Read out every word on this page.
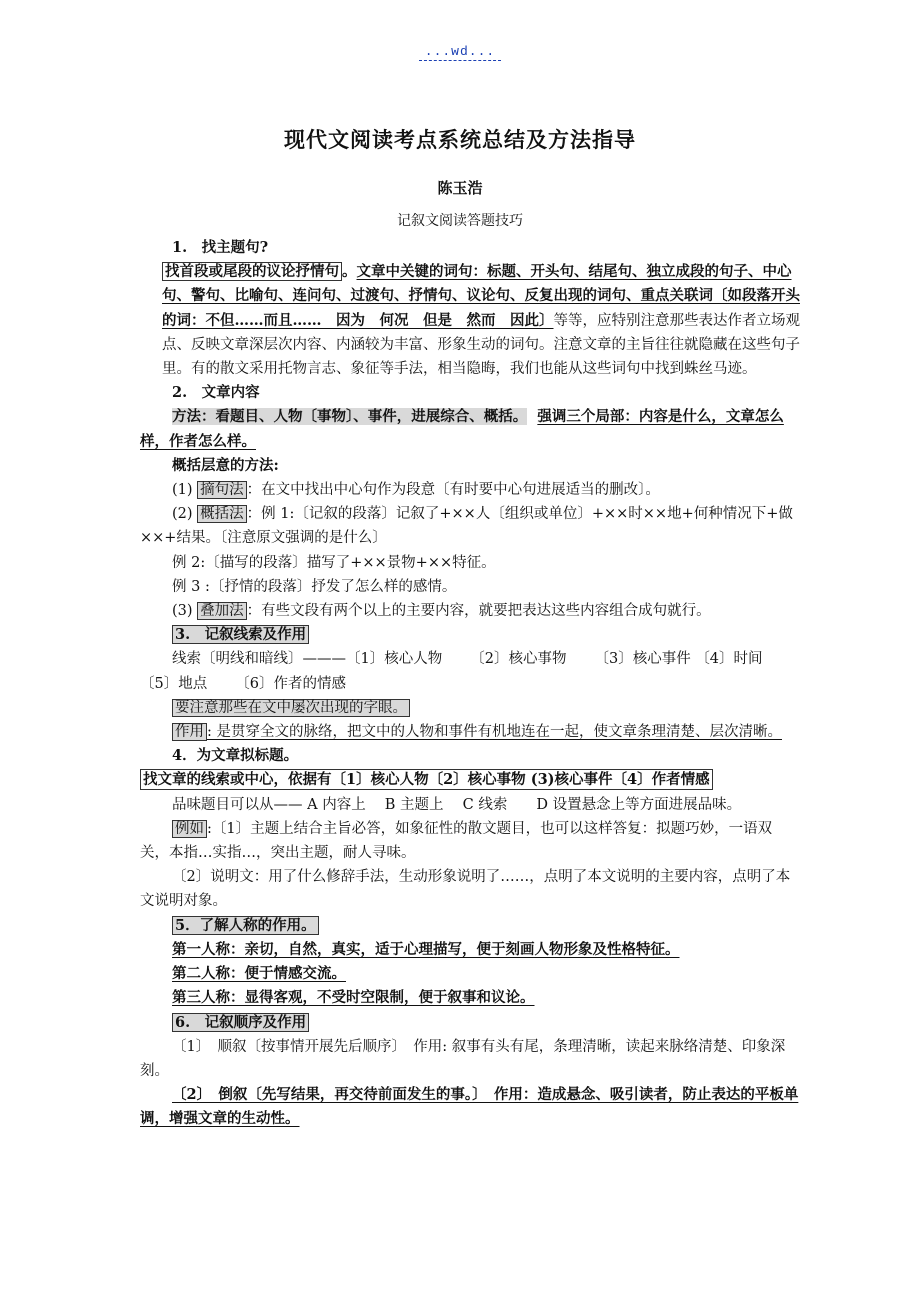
...wd...
现代文阅读考点系统总结及方法指导
陈玉浩
记叙文阅读答题技巧

1.　找主题句?

找首段或尾段的议论抒情句 。文章中关键的词句：标题、开头句、结尾句、独立成段的句子、中心句、警句、比喻句、连问句、过渡句、抒情句、议论句、反复出现的词句、重点关联词〔如段落开头的词：不但……而且……　因为　何况　但是　然而　因此〕等等，应特别注意那些表达作者立场观点、反映文章深层次内容、内涵较为丰富、形象生动的词句。注意文章的主旨往往就隐藏在这些句子里。有的散文采用托物言志、象征等手法，相当隐晦，我们也能从这些词句中找到蛛丝马迹。

2.　文章内容

方法：看题目、人物〔事物〕、事件，进展综合、概括。 强调三个局部：内容是什么，文章怎么样，作者怎么样。

概括层意的方法:

(1) 摘句法 ：在文中找出中心句作为段意〔有时要中心句进展适当的删改〕。

(2) 概括法 ：例 1:〔记叙的段落〕记叙了+××人〔组织或单位〕+××时××地+何种情况下+做××+结果。〔注意原文强调的是什么〕

例 2:〔描写的段落〕描写了+××景物+××特征。

例 3 :〔抒情的段落〕抒发了怎么样的感情。

(3) 叠加法 ：有些文段有两个以上的主要内容，就要把表达这些内容组合成句就行。

3.　记叙线索及作用

线索〔明线和暗线〕———〔1〕核心人物 〔2〕核心事物 〔3〕核心事件 〔4〕时间〔5〕地点 〔6〕作者的情感

要注意那些在文中屡次出现的字眼。

作用 : 是贯穿全文的脉络，把文中的人物和事件有机地连在一起，使文章条理清楚、层次清晰。

4．为文章拟标题。

找文章的线索或中心，依据有〔1〕核心人物〔2〕核心事物 (3)核心事件〔4〕作者情感

品味题目可以从—— A 内容上　 B 主题上　 C 线索　　D 设置悬念上等方面进展品味。

例如 :〔1〕主题上结合主旨必答，如象征性的散文题目，也可以这样答复：拟题巧妙，一语双关，本指…实指…，突出主题，耐人寻味。

〔2〕说明文：用了什么修辞手法，生动形象说明了……，点明了本文说明的主要内容，点明了本文说明对象。

5．了解人称的作用。

第一人称：亲切，自然，真实，适于心理描写，便于刻画人物形象及性格特征。

第二人称：便于情感交流。

第三人称：显得客观，不受时空限制，便于叙事和议论。

6.　记叙顺序及作用

〔1〕　顺叙〔按事情开展先后顺序〕　作用: 叙事有头有尾，条理清晰，读起来脉络清楚、印象深刻。

〔2〕　倒叙〔先写结果，再交待前面发生的事。〕　作用：造成悬念、吸引读者，防止表达的平板单调，增强文章的生动性。
